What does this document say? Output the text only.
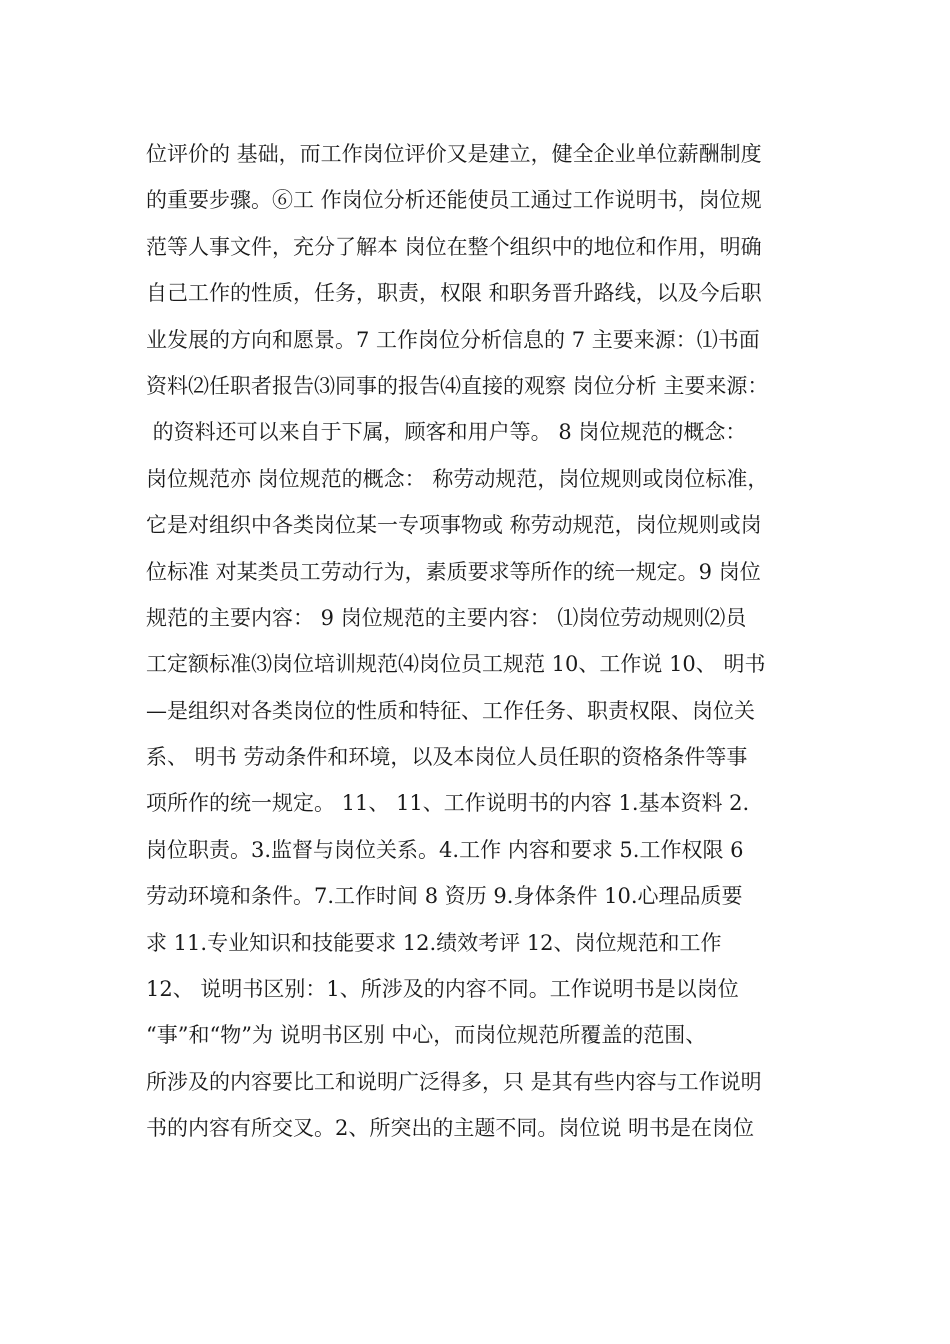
位评价的 基础，而工作岗位评价又是建立，健全企业单位薪酬制度
的重要步骤。⑥工 作岗位分析还能使员工通过工作说明书，岗位规
范等人事文件，充分了解本 岗位在整个组织中的地位和作用，明确
自己工作的性质，任务，职责，权限 和职务晋升路线，以及今后职
业发展的方向和愿景。7 工作岗位分析信息的 7 主要来源：⑴书面
资料⑵任职者报告⑶同事的报告⑷直接的观察 岗位分析 主要来源：
的资料还可以来自于下属，顾客和用户等。 8 岗位规范的概念：
岗位规范亦 岗位规范的概念： 称劳动规范，岗位规则或岗位标准，
它是对组织中各类岗位某一专项事物或 称劳动规范，岗位规则或岗
位标准 对某类员工劳动行为，素质要求等所作的统一规定。9 岗位
规范的主要内容： 9 岗位规范的主要内容： ⑴岗位劳动规则⑵员
工定额标准⑶岗位培训规范⑷岗位员工规范 10、工作说 10、 明书
—是组织对各类岗位的性质和特征、工作任务、职责权限、岗位关
系、 明书 劳动条件和环境，以及本岗位人员任职的资格条件等事
项所作的统一规定。 11、 11、工作说明书的内容 1.基本资料 2.
岗位职责。3.监督与岗位关系。4.工作 内容和要求 5.工作权限 6
劳动环境和条件。7.工作时间 8 资历 9.身体条件 10.心理品质要
求 11.专业知识和技能要求 12.绩效考评 12、岗位规范和工作
12、 说明书区别：1、所涉及的内容不同。工作说明书是以岗位
“事”和“物”为 说明书区别 中心，而岗位规范所覆盖的范围、
所涉及的内容要比工和说明广泛得多，只 是其有些内容与工作说明
书的内容有所交叉。2、所突出的主题不同。岗位说 明书是在岗位
